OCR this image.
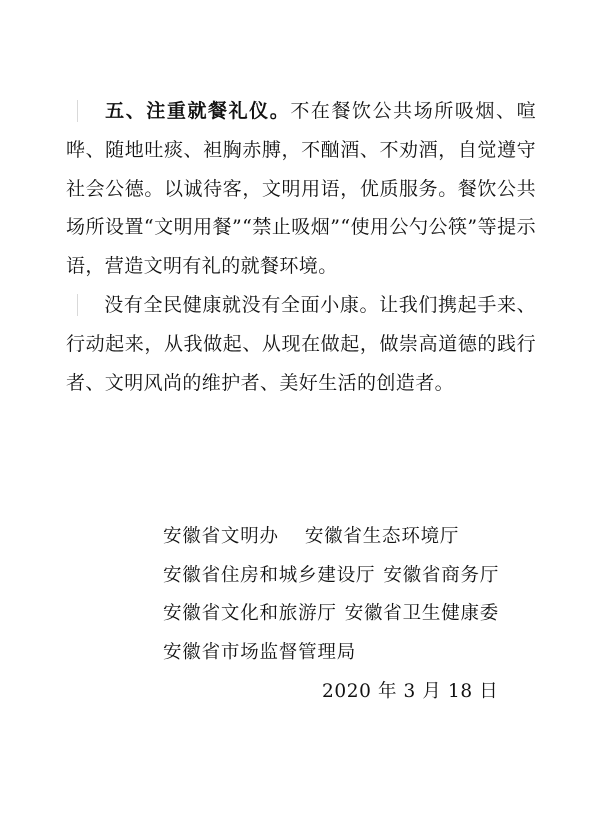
五、注重就餐礼仪。不在餐饮公共场所吸烟、喧哗、随地吐痰、袒胸赤膊，不酗酒、不劝酒，自觉遵守社会公德。以诚待客，文明用语，优质服务。餐饮公共场所设置“文明用餐”“禁止吸烟”“使用公勺公筷”等提示语，营造文明有礼的就餐环境。

没有全民健康就没有全面小康。让我们携起手来、行动起来，从我做起、从现在做起，做崇高道德的践行者、文明风尚的维护者、美好生活的创造者。

安徽省文明办 安徽省生态环境厅
安徽省住房和城乡建设厅 安徽省商务厅
安徽省文化和旅游厅 安徽省卫生健康委
安徽省市场监督管理局
2020 年 3 月 18 日
